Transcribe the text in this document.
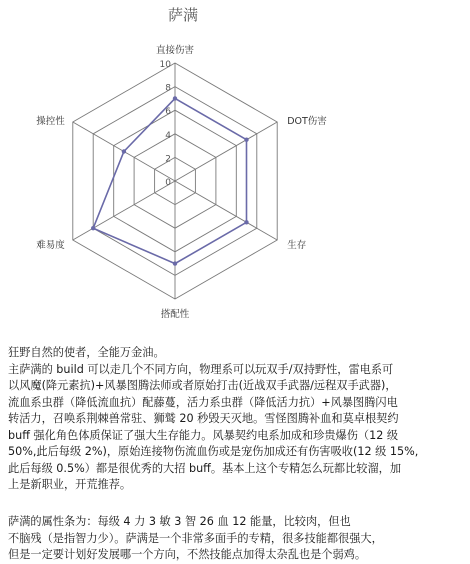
萨满
0
2
4
6
8
10
直接伤害
DOT伤害
生存
搭配性
难易度
操控性
狂野自然的使者，全能万金油。
主萨满的 build 可以走几个不同方向，物理系可以玩双手/双持野性，雷电系可
以风魔(降元素抗)+风暴图腾法师或者原始打击(近战双手武器/远程双手武器)，
流血系虫群（降低流血抗）配藤蔓，活力系虫群（降低活力抗）+风暴图腾闪电
转活力，召唤系荆棘兽常驻、狮鹫 20 秒毁天灭地。雪怪图腾补血和莫卓根契约
buff 强化角色体质保证了强大生存能力。风暴契约电系加成和珍贵爆伤（12 级
50%,此后每级 2%)，原始连接物伤流血伤或是宠伤加成还有伤害吸收(12 级 15%,
此后每级 0.5%）都是很优秀的大招 buff。基本上这个专精怎么玩都比较溜，加
上是新职业，开荒推荐。
萨满的属性条为：每级 4 力 3 敏 3 智 26 血 12 能量，比较肉，但也
不脑残（是指智力少）。萨满是一个非常多面手的专精，很多技能都很强大，
但是一定要计划好发展哪一个方向，不然技能点加得太杂乱也是个弱鸡。
